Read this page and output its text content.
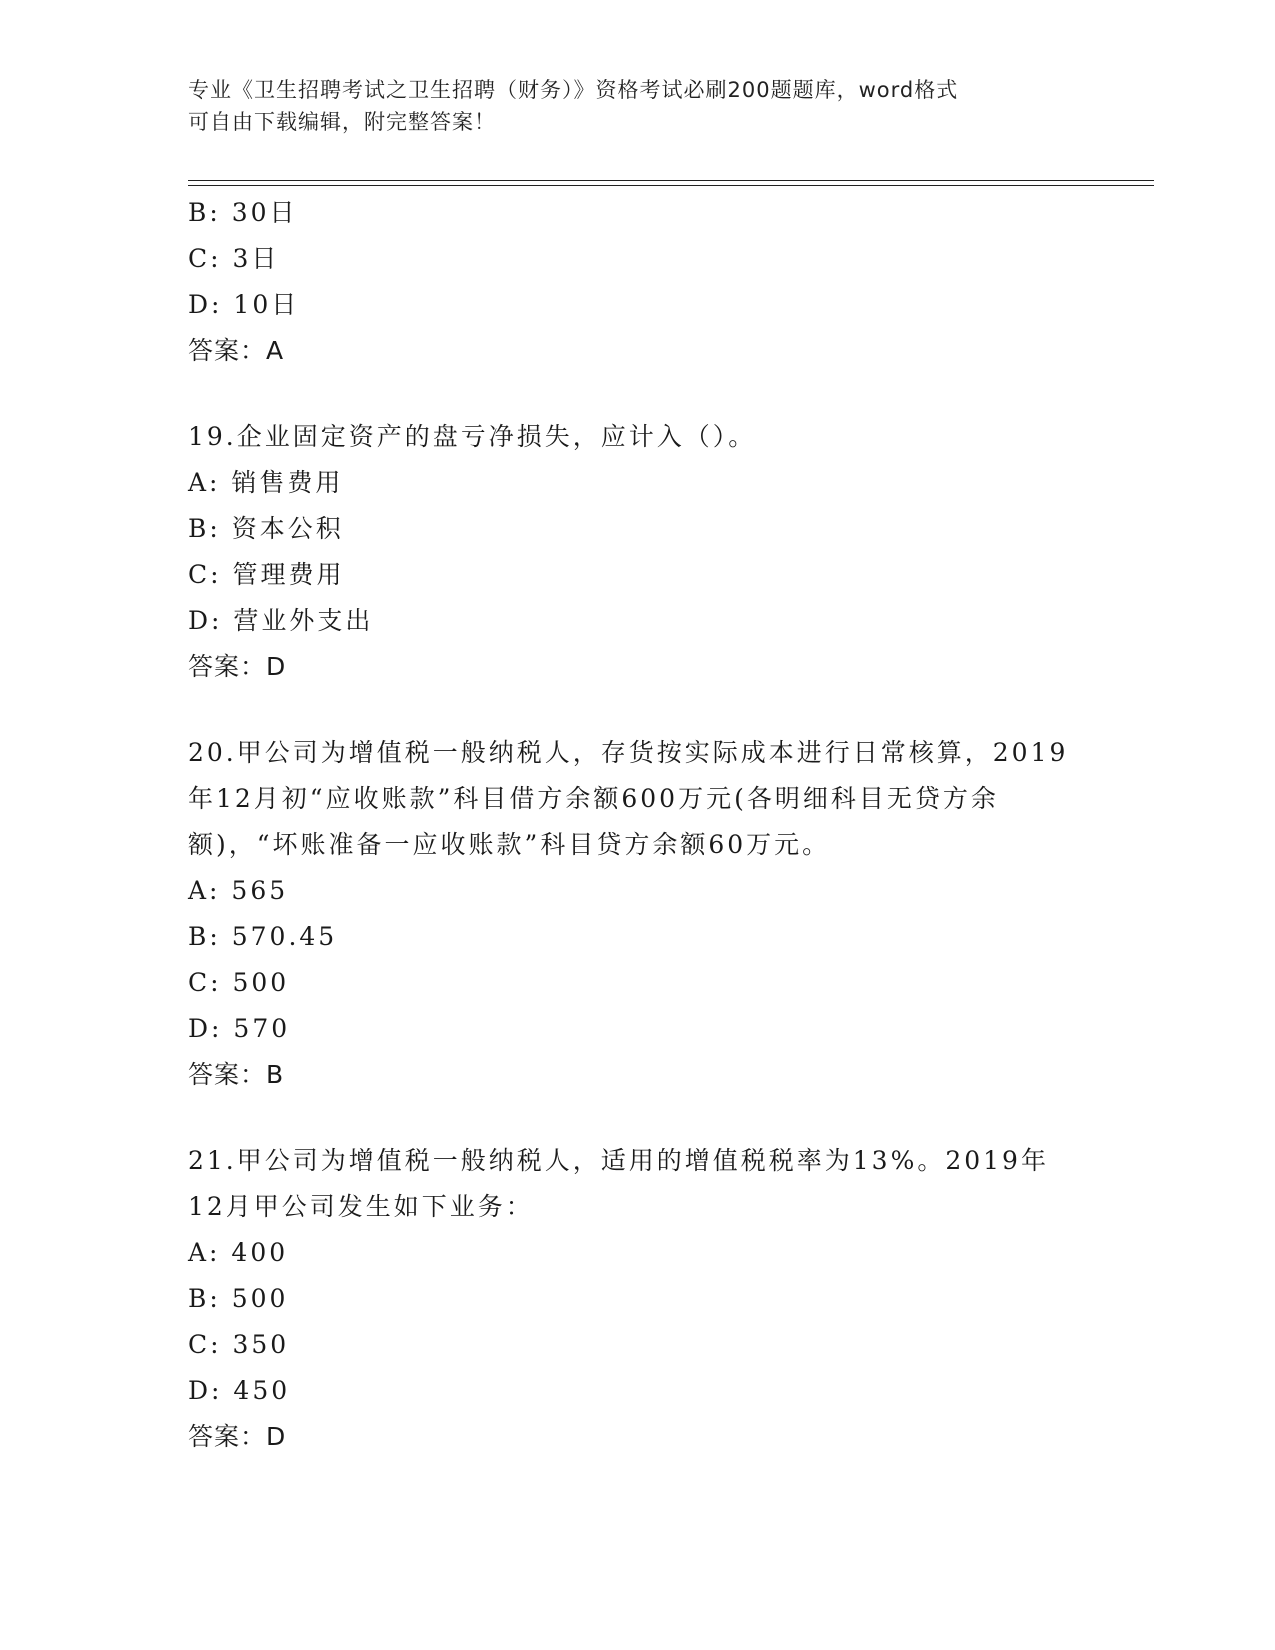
专业《卫生招聘考试之卫生招聘（财务）》资格考试必刷200题题库，word格式
可自由下载编辑，附完整答案！
B: 30日
C: 3日
D: 10日
答案：A
19.企业固定资产的盘亏净损失，应计入（）。
A: 销售费用
B: 资本公积
C: 管理费用
D: 营业外支出
答案：D
20.甲公司为增值税一般纳税人，存货按实际成本进行日常核算，2019
年12月初“应收账款”科目借方余额600万元(各明细科目无贷方余
额)，“坏账准备一应收账款”科目贷方余额60万元。
A: 565
B: 570.45
C: 500
D: 570
答案：B
21.甲公司为增值税一般纳税人，适用的增值税税率为13%。2019年
12月甲公司发生如下业务：
A: 400
B: 500
C: 350
D: 450
答案：D
